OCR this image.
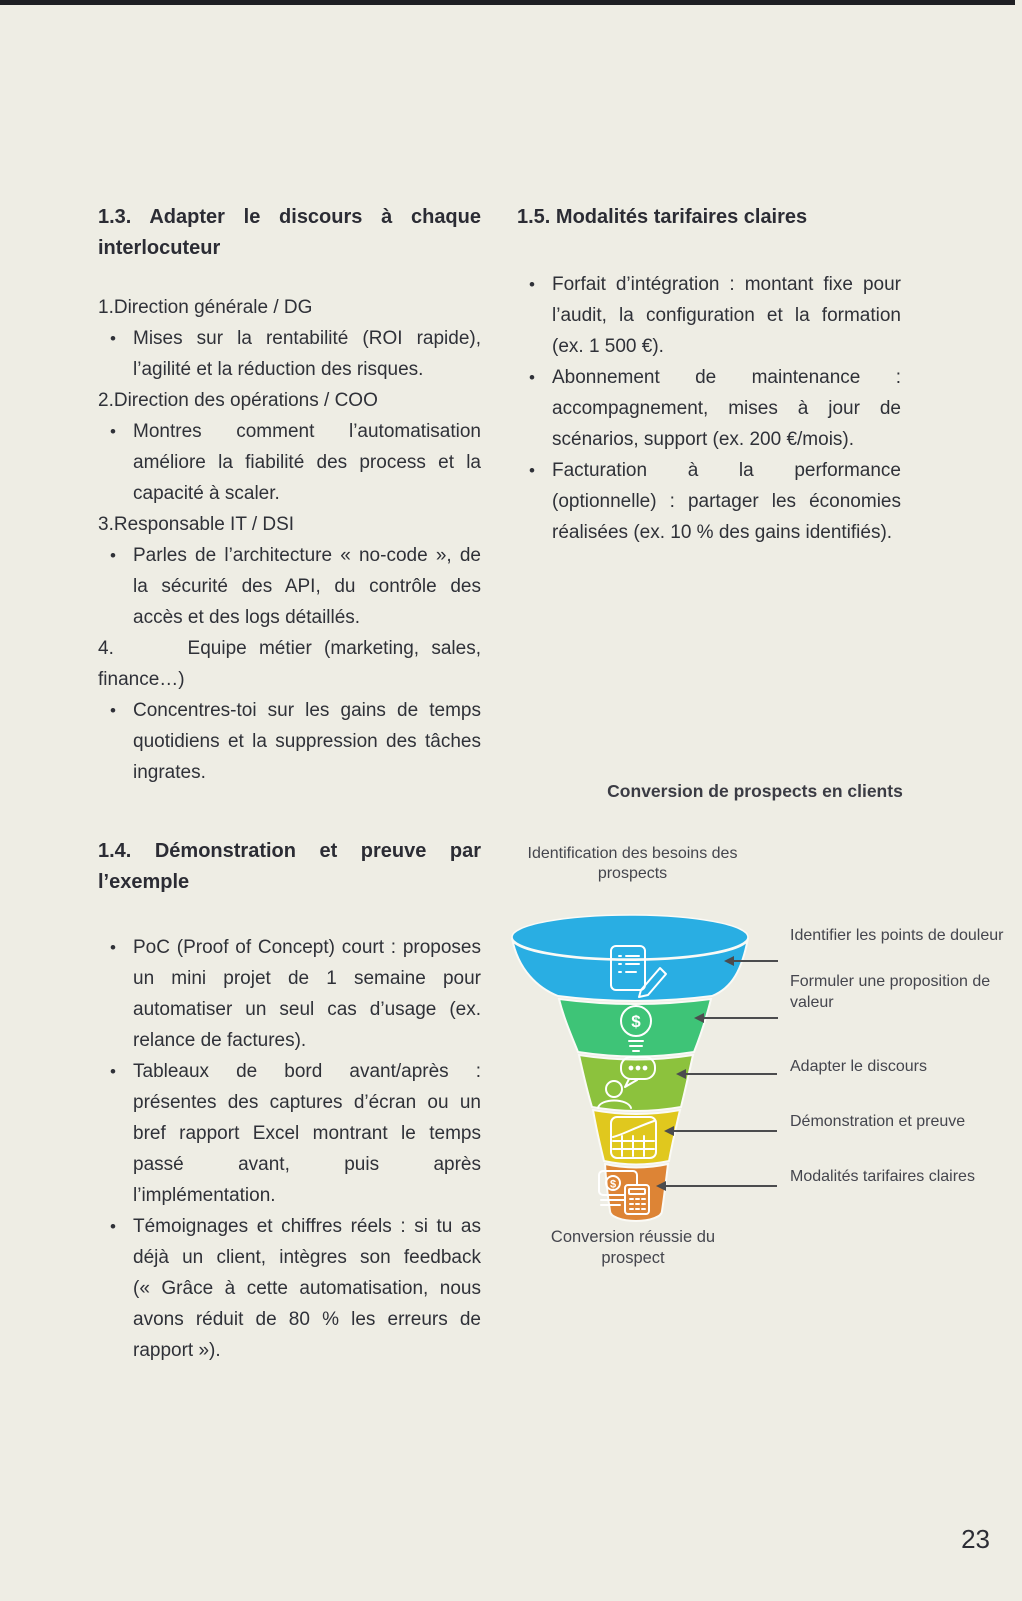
1.3. Adapter le discours à chaque interlocuteur

1.Direction générale / DG

• Mises sur la rentabilité (ROI rapide), l’agilité et la réduction des risques.

2.Direction des opérations / COO

• Montres comment l’automatisation améliore la fiabilité des process et la capacité à scaler.

3.Responsable IT / DSI

• Parles de l’architecture « no-code », de la sécurité des API, du contrôle des accès et des logs détaillés.

4.      Equipe métier (marketing, sales, finance…)

• Concentres-toi sur les gains de temps quotidiens et la suppression des tâches ingrates.

1.4. Démonstration et preuve par l’exemple

• PoC (Proof of Concept) court : proposes un mini projet de 1 semaine pour automatiser un seul cas d’usage (ex. relance de factures).

• Tableaux de bord avant/après : présentes des captures d’écran ou un bref rapport Excel montrant le temps passé avant, puis après l’implémentation.

• Témoignages et chiffres réels : si tu as déjà un client, intègres son feedback (« Grâce à cette automatisation, nous avons réduit de 80 % les erreurs de rapport »).

1.5. Modalités tarifaires claires

• Forfait d’intégration : montant fixe pour l’audit, la configuration et la formation (ex. 1 500 €).

• Abonnement de maintenance : accompagnement, mises à jour de scénarios, support (ex. 200 €/mois).

• Facturation à la performance (optionnelle) : partager les économies réalisées (ex. 10 % des gains identifiés).

Conversion de prospects en clients
Identification des besoins des prospects
$
$
Identifier les points de douleur
Formuler une proposition de valeur
Adapter le discours
Démonstration et preuve
Modalités tarifaires claires
Conversion réussie du prospect
23
